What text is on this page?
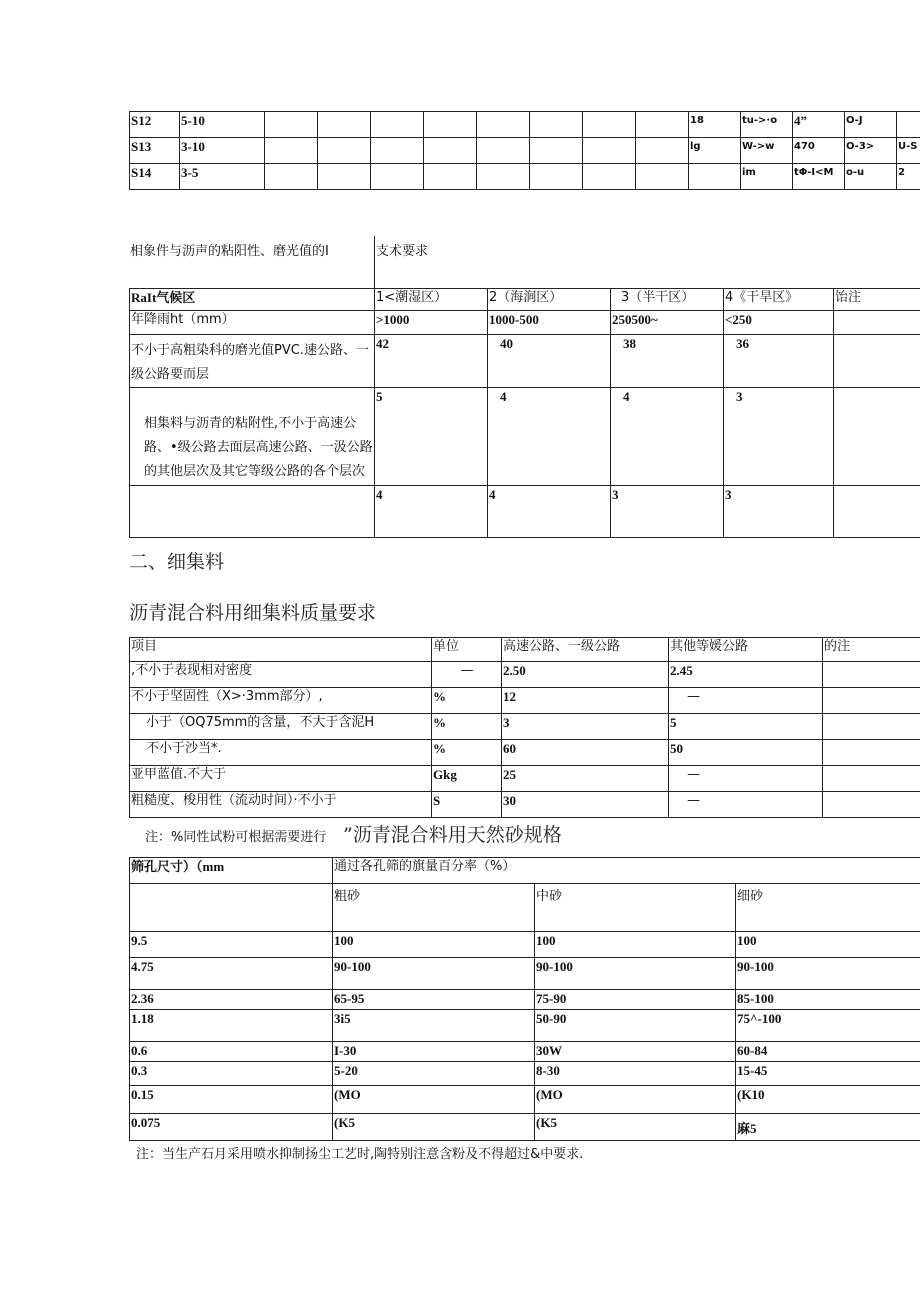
S12	5-10									18	tu->·o	4”	O-J	
S13	3-10									lg	W->w	470	O-3>	U-S
S14	3-5										im	tΦ-I<M	o-u	2
相象件与沥声的粘阳性、磨光值的I	支术要求
RaIt气候区	1<潮湿区）	2（海涧区）	3（半干区）	4《干旱区》	饴注
年降雨ht（mm）	>1000	1000-500	250500~	<250	
不小于高粗染科的磨光值PVC.速公路、一级公路要而层	42	40	38	36	
相集料与沥青的粘附性,不小于高速公路、•级公路去面层高速公路、一汲公路的其他层次及其它等级公路的各个层次	5	4	4	3	
	4	4	3	3	
二、细集料
沥青混合料用细集料质量要求
项目	单位	高速公路、一级公路	其他等媛公路	的注
,不小于表现相对密度	—	2.50	2.45	
不小于坚固性（X>·3mm部分）,	%	12	—	
小于（OQ75mm的含量，不大于含泥H	%	3	5	
不小于沙当*.	%	60	50	
亚甲蓝值.不大于	Gkg	25	—	
粗糙度、梭用性（流动时间）·不小于	S	30	—	
注：%同性试粉可根据需要进行 ”沥青混合料用天然砂规格
筛孔尺寸）（mm	通过各孔筛的旗量百分率（%）		
	粗砂	中砂	细砂
9.5	100	100	100
4.75	90-100	90-100	90-100
2.36	65-95	75-90	85-100
1.18	3i5	50-90	75^-100
0.6	I-30	30W	60-84
0.3	5-20	8-30	15-45
0.15	(MO	(MO	(K10
0.075	(K5	(K5	麻5
注：当生产石月采用喷水抑制扬尘工艺时,陶特别注意含粉及不得超过&中要求.
